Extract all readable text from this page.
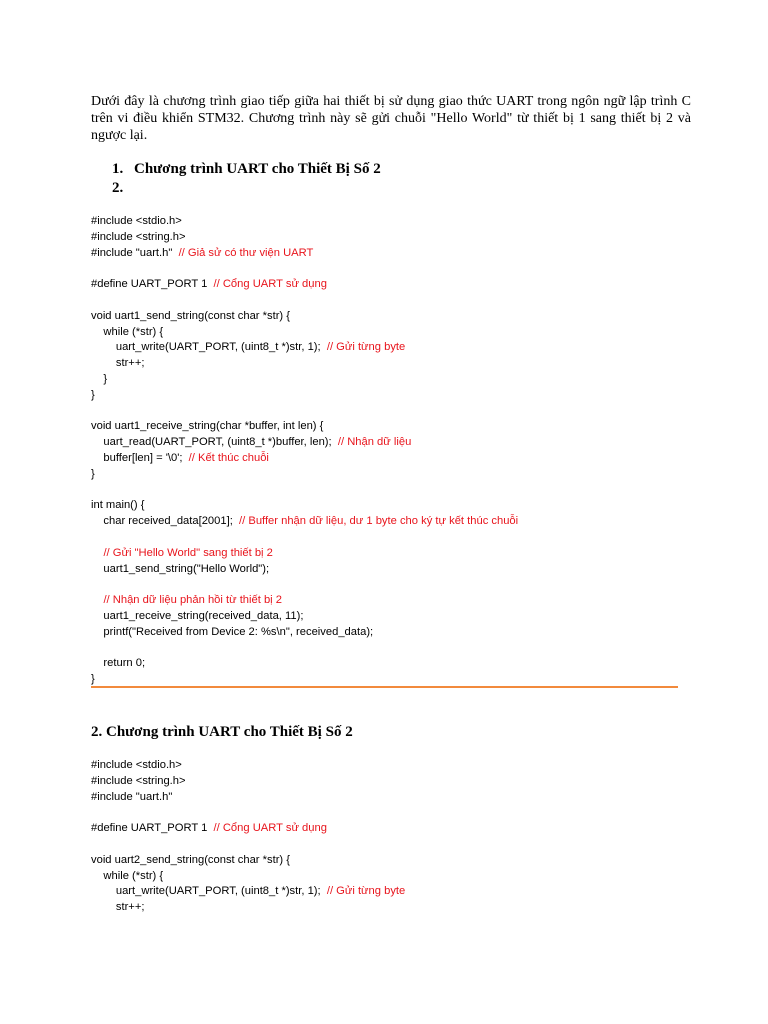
Dưới đây là chương trình giao tiếp giữa hai thiết bị sử dụng giao thức UART trong ngôn ngữ lập trình C trên vi điều khiển STM32. Chương trình này sẽ gửi chuỗi "Hello World" từ thiết bị 1 sang thiết bị 2 và ngược lại.
1. Chương trình UART cho Thiết Bị Số 2
2.
#include <stdio.h>
#include <string.h>
#include "uart.h"  // Giả sử có thư viện UART
#define UART_PORT 1  // Cổng UART sử dụng
void uart1_send_string(const char *str) {
while (*str) {
uart_write(UART_PORT, (uint8_t *)str, 1);  // Gửi từng byte
str++;
}
}
void uart1_receive_string(char *buffer, int len) {
uart_read(UART_PORT, (uint8_t *)buffer, len);  // Nhận dữ liệu
buffer[len] = '\0';  // Kết thúc chuỗi
}
int main() {
char received_data[2001];  // Buffer nhận dữ liệu, dư 1 byte cho ký tự kết thúc chuỗi
// Gửi "Hello World" sang thiết bị 2
uart1_send_string("Hello World");
// Nhận dữ liệu phản hồi từ thiết bị 2
uart1_receive_string(received_data, 11);
printf("Received from Device 2: %s\n", received_data);
return 0;
}
2. Chương trình UART cho Thiết Bị Số 2
#include <stdio.h>
#include <string.h>
#include "uart.h"
#define UART_PORT 1  // Cổng UART sử dụng
void uart2_send_string(const char *str) {
while (*str) {
uart_write(UART_PORT, (uint8_t *)str, 1);  // Gửi từng byte
str++;
